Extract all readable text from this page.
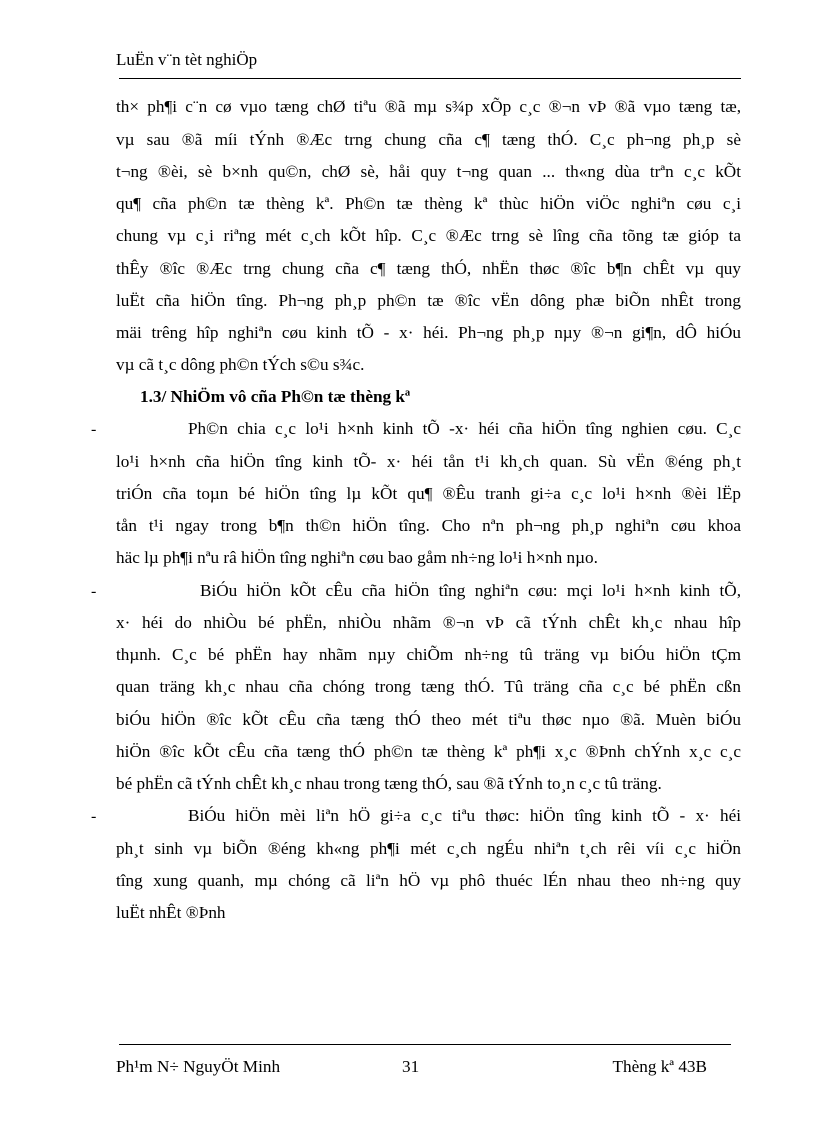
LuËn v¨n tèt nghiÖp
th× ph¶i c¨n cø vµo tæng chØ tiªu ®ã mµ s¾p xÕp c¸c ®¬n vÞ ®ã vµo tæng tæ,
vµ sau ®ã míi tÝnh ®Æc trng chung cña c¶ tæng thÓ. C¸c ph¬ng ph¸p sè
t¬ng ®èi, sè b×nh qu©n, chØ sè, håi quy t¬ng quan ... th«ng dùa trªn c¸c kÕt
qu¶ cña ph©n tæ thèng kª. Ph©n tæ thèng kª thùc hiÖn viÖc nghiªn cøu c¸i
chung vµ c¸i riªng mét c¸ch kÕt hîp. C¸c ®Æc trng sè lîng cña tõng tæ gióp ta
thÊy ®îc ®Æc trng chung cña c¶ tæng thÓ, nhËn thøc ®îc b¶n chÊt vµ quy
luËt cña hiÖn tîng. Ph¬ng ph¸p ph©n tæ ®îc vËn dông phæ biÕn nhÊt trong
mäi trêng hîp nghiªn cøu kinh tÕ - x· héi. Ph¬ng ph¸p nµy ®¬n gi¶n, dÔ hiÓu
vµ cã t¸c dông ph©n tÝch s©u s¾c.
1.3/ NhiÖm vô cña Ph©n tæ thèng kª
-	Ph©n chia c¸c lo¹i h×nh kinh tÕ -x· héi cña hiÖn tîng nghien cøu. C¸c
lo¹i h×nh cña hiÖn tîng kinh tÕ- x· héi tån t¹i kh¸ch quan. Sù vËn ®éng ph¸t
triÓn cña toµn bé hiÖn tîng lµ kÕt qu¶ ®Êu tranh gi÷a c¸c lo¹i h×nh ®èi lËp
tån t¹i ngay trong b¶n th©n hiÖn tîng. Cho nªn ph¬ng ph¸p nghiªn cøu khoa
häc lµ ph¶i nªu râ hiÖn tîng nghiªn cøu bao gåm nh÷ng lo¹i h×nh nµo.
-	BiÓu hiÖn kÕt cÊu cña hiÖn tîng nghiªn cøu: mçi lo¹i h×nh kinh tÕ,
x· héi do nhiÒu bé phËn, nhiÒu nhãm ®¬n vÞ cã tÝnh chÊt kh¸c nhau hîp
thµnh. C¸c bé phËn hay nhãm nµy chiÕm nh÷ng tû träng vµ biÓu hiÖn tÇm
quan träng kh¸c nhau cña chóng trong tæng thÓ. Tû träng cña c¸c bé phËn cßn
biÓu hiÖn ®îc kÕt cÊu cña tæng thÓ theo mét tiªu thøc nµo ®ã. Muèn biÓu
hiÖn ®îc kÕt cÊu cña tæng thÓ ph©n tæ thèng kª ph¶i x¸c ®Þnh chÝnh x¸c c¸c
bé phËn cã tÝnh chÊt kh¸c nhau trong tæng thÓ, sau ®ã tÝnh to¸n c¸c tû träng.
-	BiÓu hiÖn mèi liªn hÖ gi÷a c¸c tiªu thøc: hiÖn tîng kinh tÕ - x· héi
ph¸t sinh vµ biÕn ®éng kh«ng ph¶i mét c¸ch ngÉu nhiªn t¸ch rêi víi c¸c hiÖn
tîng xung quanh, mµ chóng cã liªn hÖ vµ phô thuéc lÉn nhau theo nh÷ng quy
luËt nhÊt ®Þnh
Ph¹m N÷ NguyÖt Minh	31	Thèng kª 43B
